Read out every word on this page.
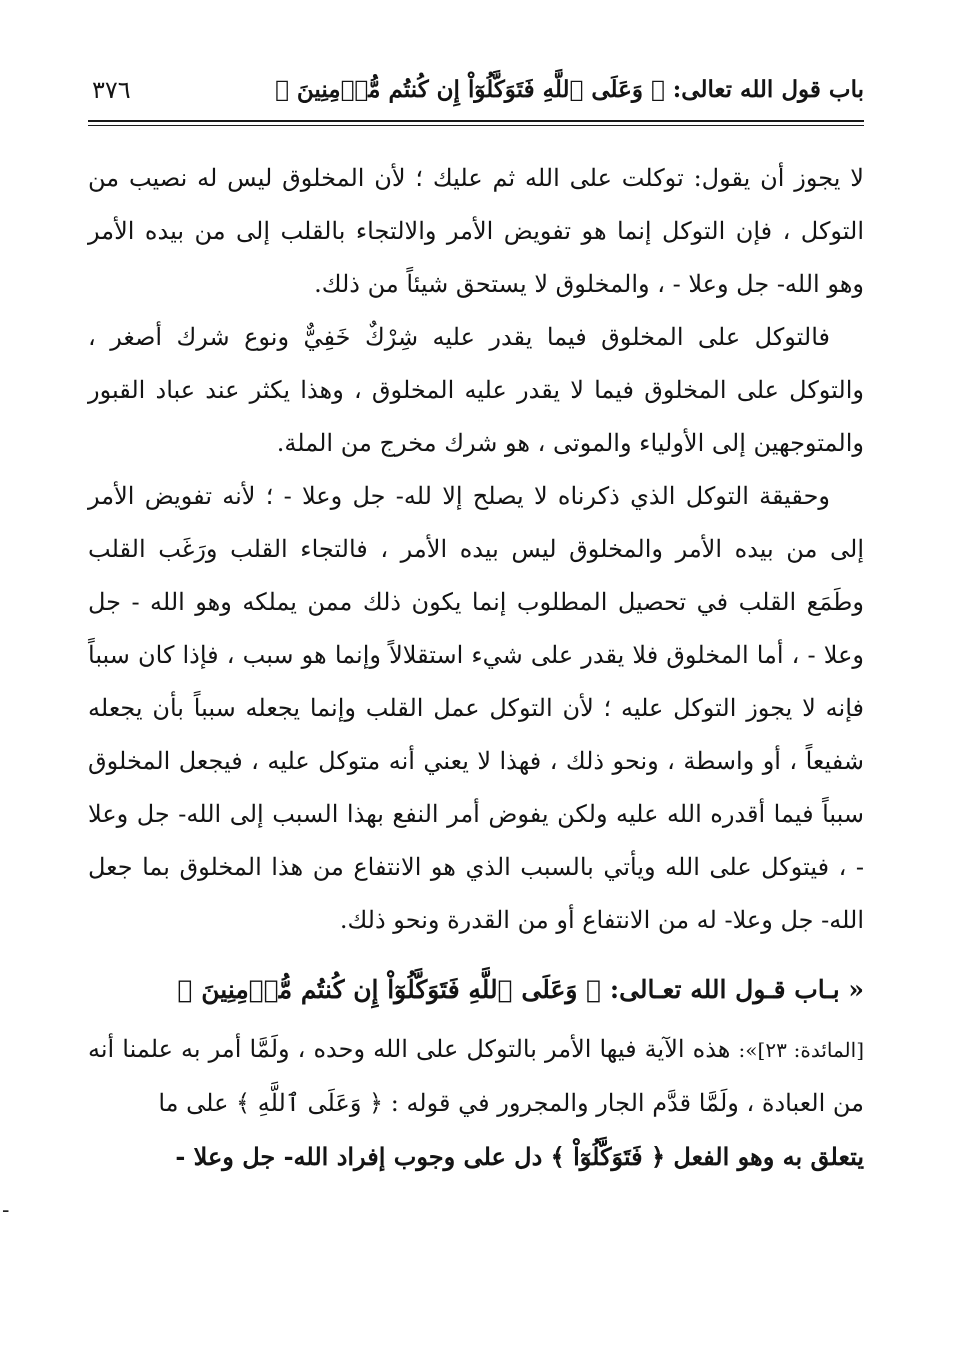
باب قول الله تعالى: ﴿ وَعَلَى ٱللَّهِ فَتَوَكَّلُوٓاْ إِن كُنتُم مُّؤۡمِنِينَ ﴾
٣٧٦

لا يجوز أن يقول: توكلت على الله ثم عليك ؛ لأن المخلوق ليس له نصيب من التوكل ، فإن التوكل إنما هو تفويض الأمر والالتجاء بالقلب إلى من بيده الأمر وهو الله- جل وعلا - ، والمخلوق لا يستحق شيئاً من ذلك.

فالتوكل على المخلوق فيما يقدر عليه شِرْكٌ خَفِيٌّ ونوع شرك أصغر ، والتوكل على المخلوق فيما لا يقدر عليه المخلوق ، وهذا يكثر عند عباد القبور والمتوجهين إلى الأولياء والموتى ، هو شرك مخرج من الملة.

وحقيقة التوكل الذي ذكرناه لا يصلح إلا لله- جل وعلا - ؛ لأنه تفويض الأمر إلى من بيده الأمر والمخلوق ليس بيده الأمر ، فالتجاء القلب ورَغَب القلب وطَمَع القلب في تحصيل المطلوب إنما يكون ذلك ممن يملكه وهو الله - جل وعلا - ، أما المخلوق فلا يقدر على شيء استقلالاً وإنما هو سبب ، فإذا كان سبباً فإنه لا يجوز التوكل عليه ؛ لأن التوكل عمل القلب وإنما يجعله سبباً بأن يجعله شفيعاً ، أو واسطة ، ونحو ذلك ، فهذا لا يعني أنه متوكل عليه ، فيجعل المخلوق سبباً فيما أقدره الله عليه ولكن يفوض أمر النفع بهذا السبب إلى الله- جل وعلا - ، فيتوكل على الله ويأتي بالسبب الذي هو الانتفاع من هذا المخلوق بما جعل الله- جل وعلا- له من الانتفاع أو من القدرة ونحو ذلك.

« بـاب قـول الله تعـالى: ﴿ وَعَلَى ٱللَّهِ فَتَوَكَّلُوٓاْ إِن كُنتُم مُّؤۡمِنِينَ ﴾

[المائدة: ٢٣]»: هذه الآية فيها الأمر بالتوكل على الله وحده ، ولَمَّا أمر به علمنا أنه من العبادة ، ولَمَّا قدَّم الجار والمجرور في قوله : ﴿ وَعَلَى ٱللَّهِ ﴾ على ما

يتعلق به وهو الفعل ﴿ فَتَوَكَّلُوٓاْ ﴾ دل على وجوب إفراد الله- جل وعلا -

-
